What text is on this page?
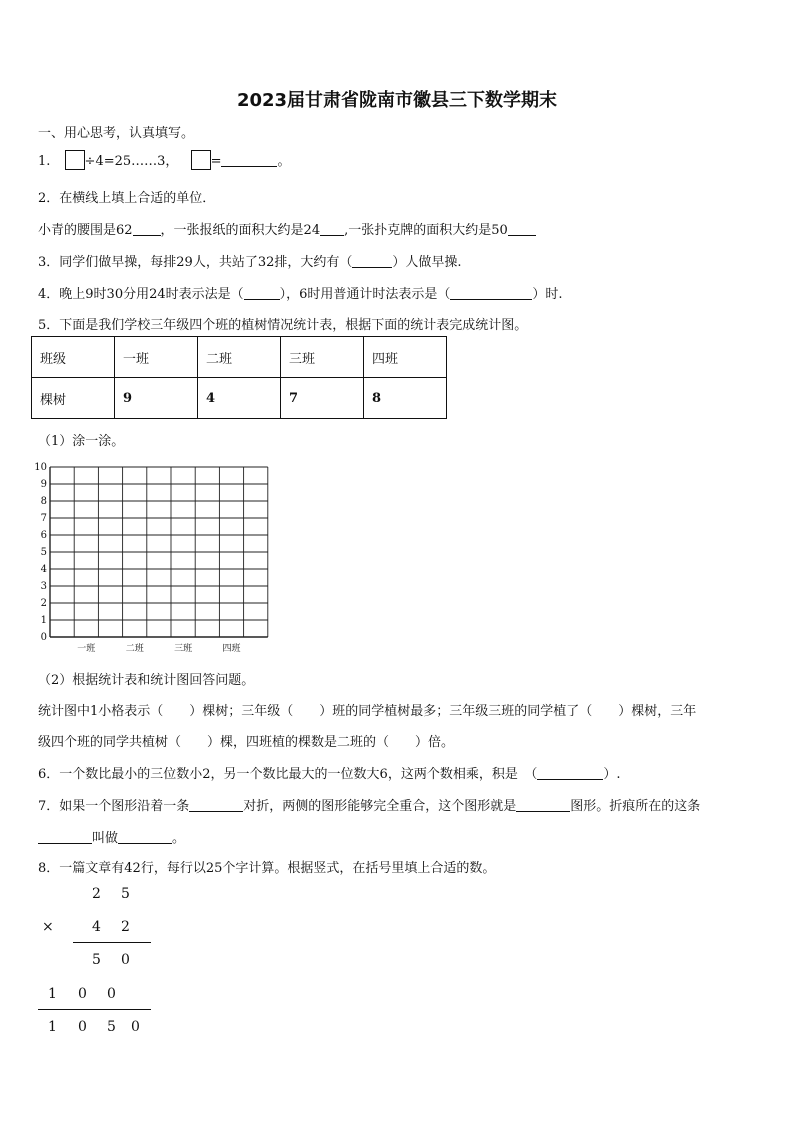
2023届甘肃省陇南市徽县三下数学期末
一、用心思考，认真填写。
1.	÷4=25……3， =	。
2．在横线上填上合适的单位．
小青的腰围是62 ，一张报纸的面积大约是24 ,一张扑克牌的面积大约是50
3．同学们做早操，每排29人，共站了32排，大约有（	）人做早操.
4．晚上9时30分用24时表示法是（	），6时用普通计时法表示是（	）时.
5．下面是我们学校三年级四个班的植树情况统计表，根据下面的统计表完成统计图。
班级	一班	二班	三班	四班
棵树	9	4	7	8
（1）涂一涂。
0
1
2
3
4
5
6
7
8
9
10
一班	二班	三班	四班
（2）根据统计表和统计图回答问题。
统计图中1小格表示（　　）棵树；三年级（　　）班的同学植树最多；三年级三班的同学植了（　　）棵树，三年
级四个班的同学共植树（　　）棵，四班植的棵数是二班的（　　）倍。
6．一个数比最小的三位数小2，另一个数比最大的一位数大6，这两个数相乘，积是　（	）.
7．如果一个图形沿着一条	对折，两侧的图形能够完全重合，这个图形就是	图形。折痕所在的这条
叫做	。
8．一篇文章有42行，每行以25个字计算。根据竖式，在括号里填上合适的数。
2 5
×	4 2
5 0
1 0 0
1 0 5 0
